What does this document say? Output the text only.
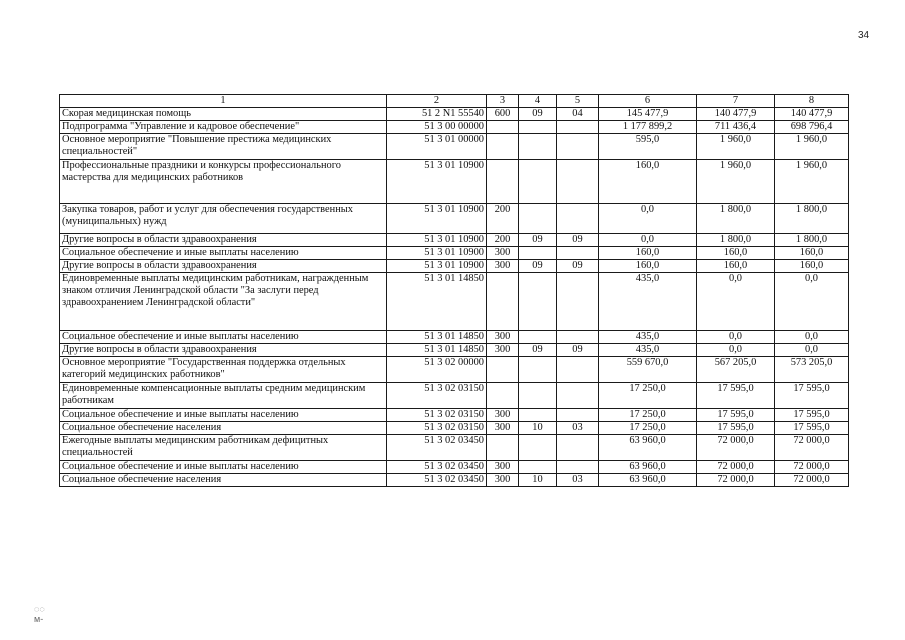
34
1	2	3	4	5	6	7	8
Скорая медицинская помощь	51 2 N1 55540	600	09	04	145 477,9	140 477,9	140 477,9
Подпрограмма "Управление и кадровое обеспечение"	51 3 00 00000				1 177 899,2	711 436,4	698 796,4
Основное мероприятие "Повышение престижа медицинских специальностей"	51 3 01 00000				595,0	1 960,0	1 960,0
Профессиональные праздники и конкурсы профессионального мастерства для медицинских работников	51 3 01 10900				160,0	1 960,0	1 960,0
Закупка товаров, работ и услуг для обеспечения государственных (муниципальных) нужд	51 3 01 10900	200			0,0	1 800,0	1 800,0
Другие вопросы в области здравоохранения	51 3 01 10900	200	09	09	0,0	1 800,0	1 800,0
Социальное обеспечение и иные выплаты населению	51 3 01 10900	300			160,0	160,0	160,0
Другие вопросы в области здравоохранения	51 3 01 10900	300	09	09	160,0	160,0	160,0
Единовременные выплаты медицинским работникам, награжденным знаком отличия Ленинградской области "За заслуги перед здравоохранением Ленинградской области"	51 3 01 14850				435,0	0,0	0,0
Социальное обеспечение и иные выплаты населению	51 3 01 14850	300			435,0	0,0	0,0
Другие вопросы в области здравоохранения	51 3 01 14850	300	09	09	435,0	0,0	0,0
Основное мероприятие "Государственная поддержка отдельных категорий медицинских работников"	51 3 02 00000				559 670,0	567 205,0	573 205,0
Единовременные компенсационные выплаты средним медицинским работникам	51 3 02 03150				17 250,0	17 595,0	17 595,0
Социальное обеспечение и иные выплаты населению	51 3 02 03150	300			17 250,0	17 595,0	17 595,0
Социальное обеспечение населения	51 3 02 03150	300	10	03	17 250,0	17 595,0	17 595,0
Ежегодные выплаты медицинским работникам дефицитных специальностей	51 3 02 03450				63 960,0	72 000,0	72 000,0
Социальное обеспечение и иные выплаты населению	51 3 02 03450	300			63 960,0	72 000,0	72 000,0
Социальное обеспечение населения	51 3 02 03450	300	10	03	63 960,0	72 000,0	72 000,0
◌◌
ᴍ-
